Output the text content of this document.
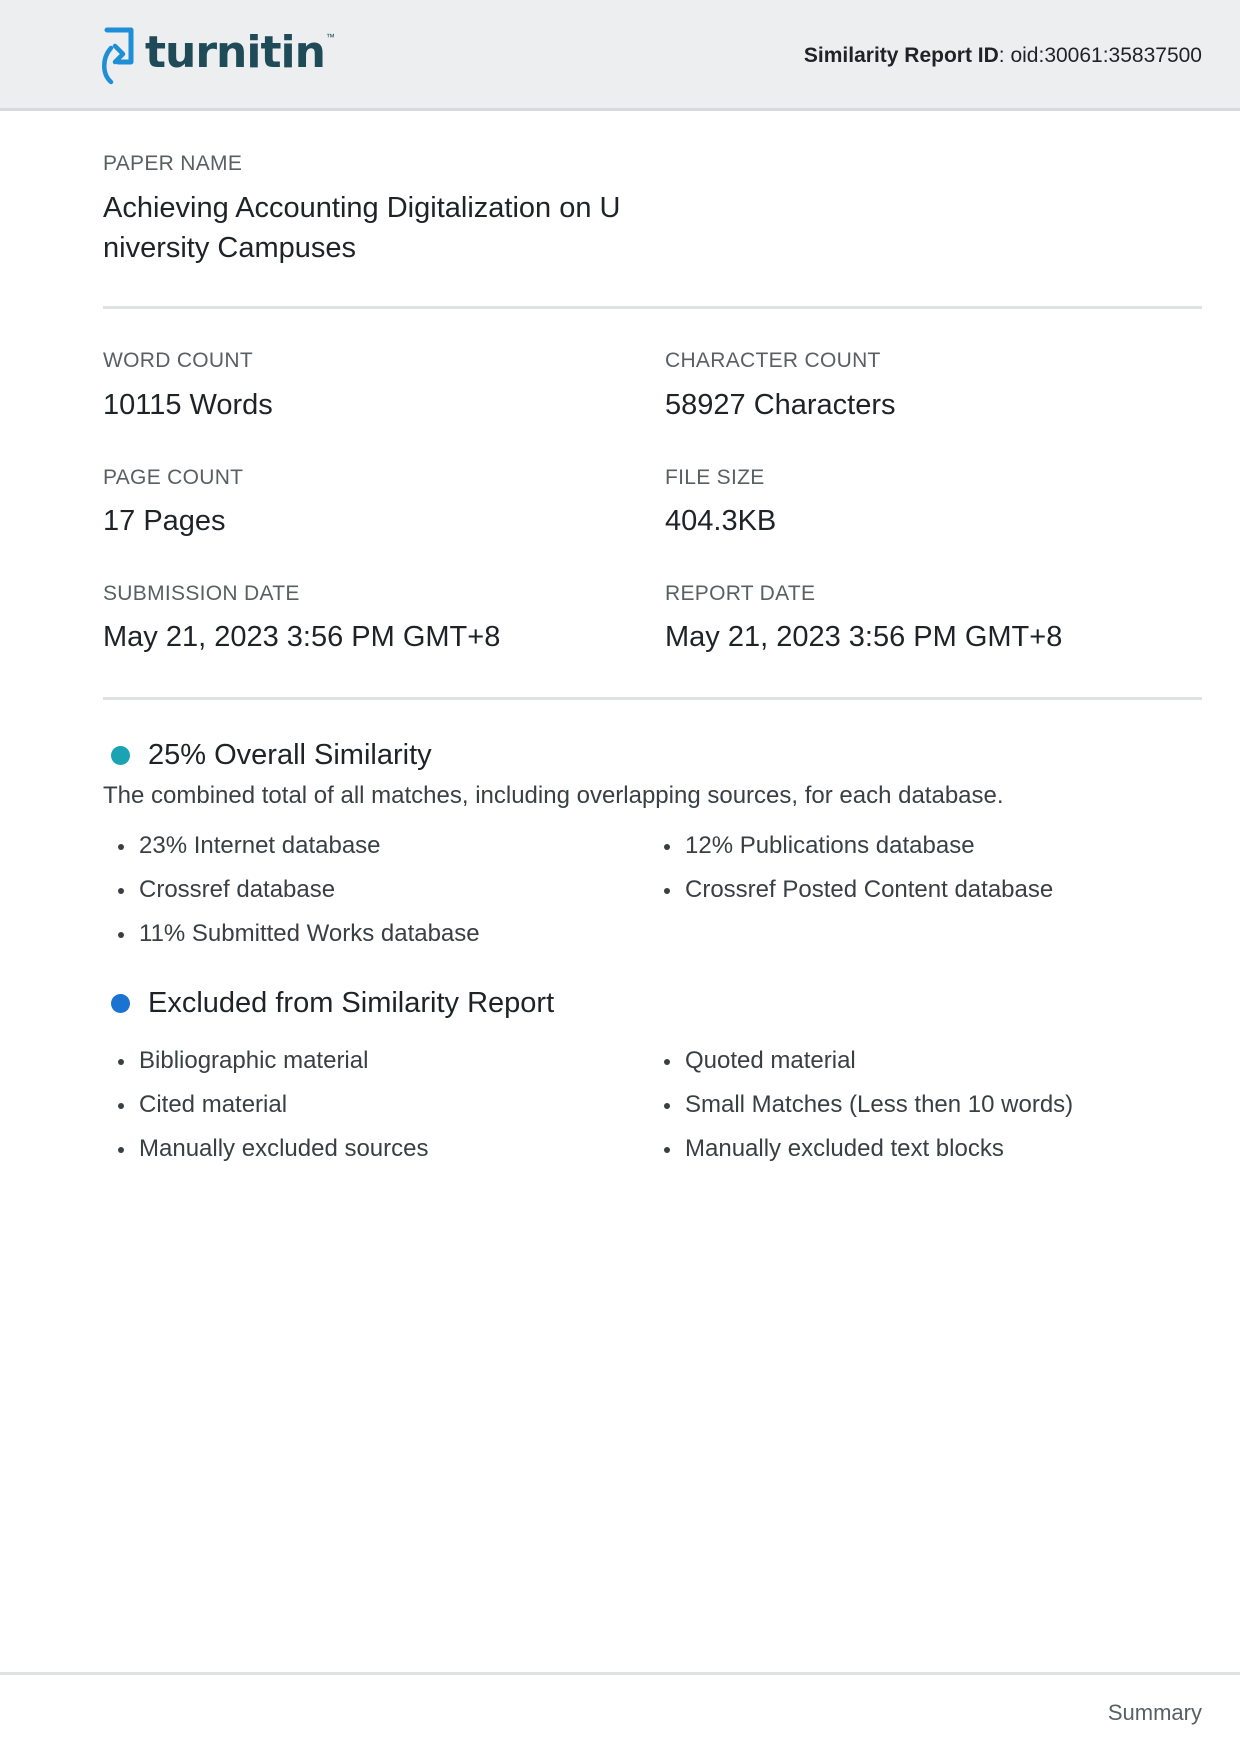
turnitin ™
Similarity Report ID: oid:30061:35837500
PAPER NAME
Achieving Accounting Digitalization on U niversity Campuses
WORD COUNT
10115 Words
CHARACTER COUNT
58927 Characters
PAGE COUNT
17 Pages
FILE SIZE
404.3KB
SUBMISSION DATE
May 21, 2023 3:56 PM GMT+8
REPORT DATE
May 21, 2023 3:56 PM GMT+8
25% Overall Similarity
The combined total of all matches, including overlapping sources, for each database.
23% Internet database
Crossref database
11% Submitted Works database
12% Publications database
Crossref Posted Content database
Excluded from Similarity Report
Bibliographic material
Cited material
Manually excluded sources
Quoted material
Small Matches (Less then 10 words)
Manually excluded text blocks
Summary
